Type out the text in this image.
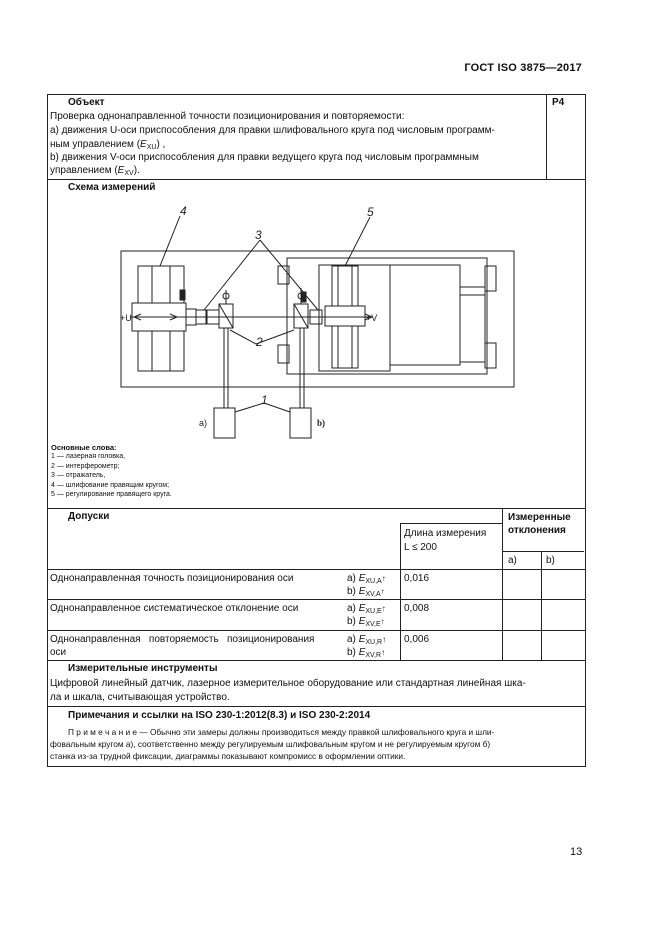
ГОСТ ISO 3875—2017
Объект	P4
Проверка однонаправленной точности позиционирования и повторяемости:
а) движения U-оси приспособления для правки шлифовального круга под числовым программ-
ным управлением $(E_{XU})$ ,
b) движения V-оси приспособления для правки ведущего круга под числовым программным
управлением $(E_{XV})$.
Схема измерений
4	5
3
2
1
+U	+V
а)	b)
Основные слова:
1 — лазерная головка,
2 — интерферометр;
3 — отражатель,
4 — шлифование правящим кругом;
5 — регулирование правящего круга.
Допуски
Длина измерения
L ≤ 200
Измеренные
отклонения
а)	b)
Однонаправленная точность позиционирования оси	a) $E_{XU,A}↑$
b) $E_{XV,A}↑$
0,016
Однонаправленное систематическое отклонение оси	a) $E_{XU,E}↑$
b) $E_{XV,E}↑$
0,008
Однонаправленная   повторяемость   позиционирования
оси
a) $E_{XU,R}↑$
b) $E_{XV,R}↑$
0,006
Измерительные инструменты
Цифровой линейный датчик, лазерное измерительное оборудование или стандартная линейная шка-
ла и шкала, считывающая устройство.
Примечания и ссылки на ISO 230-1:2012(8.3) и ISO 230-2:2014
П р и м е ч а н и е — Обычно эти замеры должны производиться между правкой шлифовального круга и шли-
фовальным кругом а), соответственно между регулируемым шлифовальным кругом и не регулируемым кругом б)
станка из-за трудной фиксации, диаграммы показывают компромисс в оформлении оптики.
13
